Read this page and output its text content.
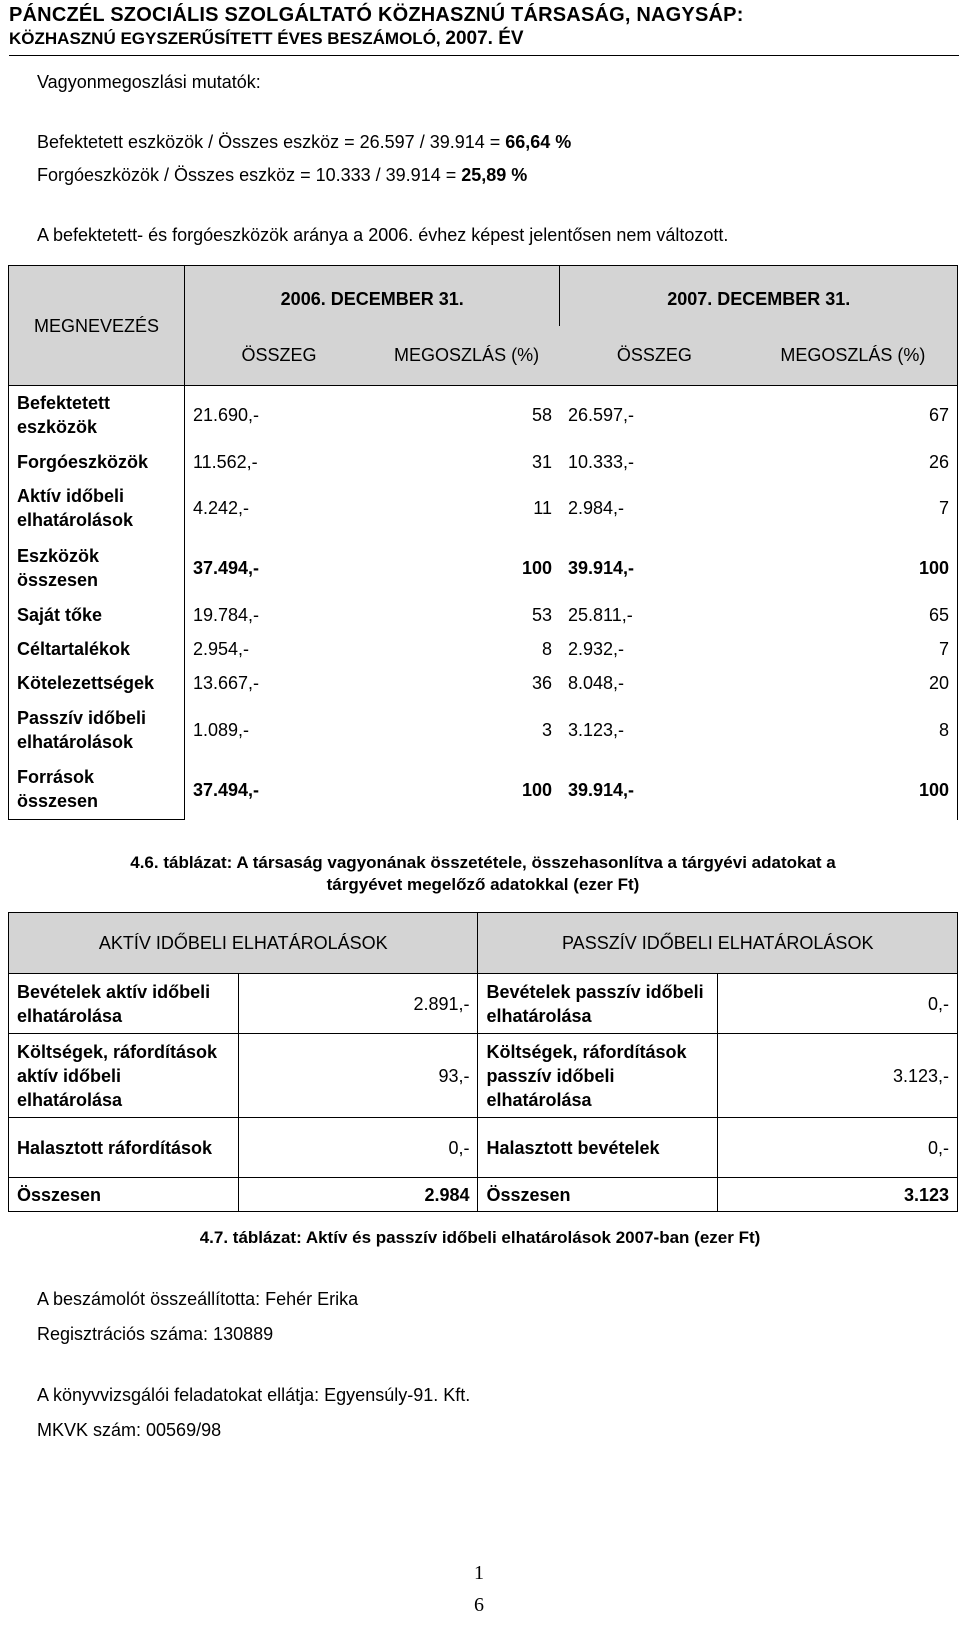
PÁNCZÉL SZOCIÁLIS SZOLGÁLTATÓ KÖZHASZNÚ TÁRSASÁG, NAGYSÁP:
KÖZHASZNÚ EGYSZERŰSÍTETT ÉVES BESZÁMOLÓ, 2007. ÉV
Vagyonmegoszlási mutatók:
Befektetett eszközök / Összes eszköz = 26.597 / 39.914 = 66,64 %
Forgóeszközök / Összes eszköz = 10.333 / 39.914 = 25,89 %
A befektetett- és forgóeszközök aránya a 2006. évhez képest jelentősen nem változott.
MEGNEVEZÉS	2006. DECEMBER 31.		2007. DECEMBER 31.	
	ÖSSZEG	MEGOSZLÁS (%)	ÖSSZEG	MEGOSZLÁS (%)
Befektetett eszközök	21.690,-	58	26.597,-	67
Forgóeszközök	11.562,-	31	10.333,-	26
Aktív időbeli elhatárolások	4.242,-	11	2.984,-	7
Eszközök összesen	37.494,-	100	39.914,-	100
Saját tőke	19.784,-	53	25.811,-	65
Céltartalékok	2.954,-	8	2.932,-	7
Kötelezettségek	13.667,-	36	8.048,-	20
Passzív időbeli elhatárolások	1.089,-	3	3.123,-	8
Források összesen	37.494,-	100	39.914,-	100
4.6. táblázat: A társaság vagyonának összetétele, összehasonlítva a tárgyévi adatokat a
tárgyévet megelőző adatokkal (ezer Ft)
AKTÍV IDŐBELI ELHATÁROLÁSOK		PASSZÍV IDŐBELI ELHATÁROLÁSOK	
Bevételek aktív időbeli elhatárolása	2.891,-	Bevételek passzív időbeli elhatárolása	0,-
Költségek, ráfordítások aktív időbeli elhatárolása	93,-	Költségek, ráfordítások passzív időbeli elhatárolása	3.123,-
Halasztott ráfordítások	0,-	Halasztott bevételek	0,-
Összesen	2.984	Összesen	3.123
4.7. táblázat: Aktív és passzív időbeli elhatárolások 2007-ban (ezer Ft)
A beszámolót összeállította: Fehér Erika
Regisztrációs száma: 130889
A könyvvizsgálói feladatokat ellátja: Egyensúly-91. Kft.
MKVK szám: 00569/98
1
6
